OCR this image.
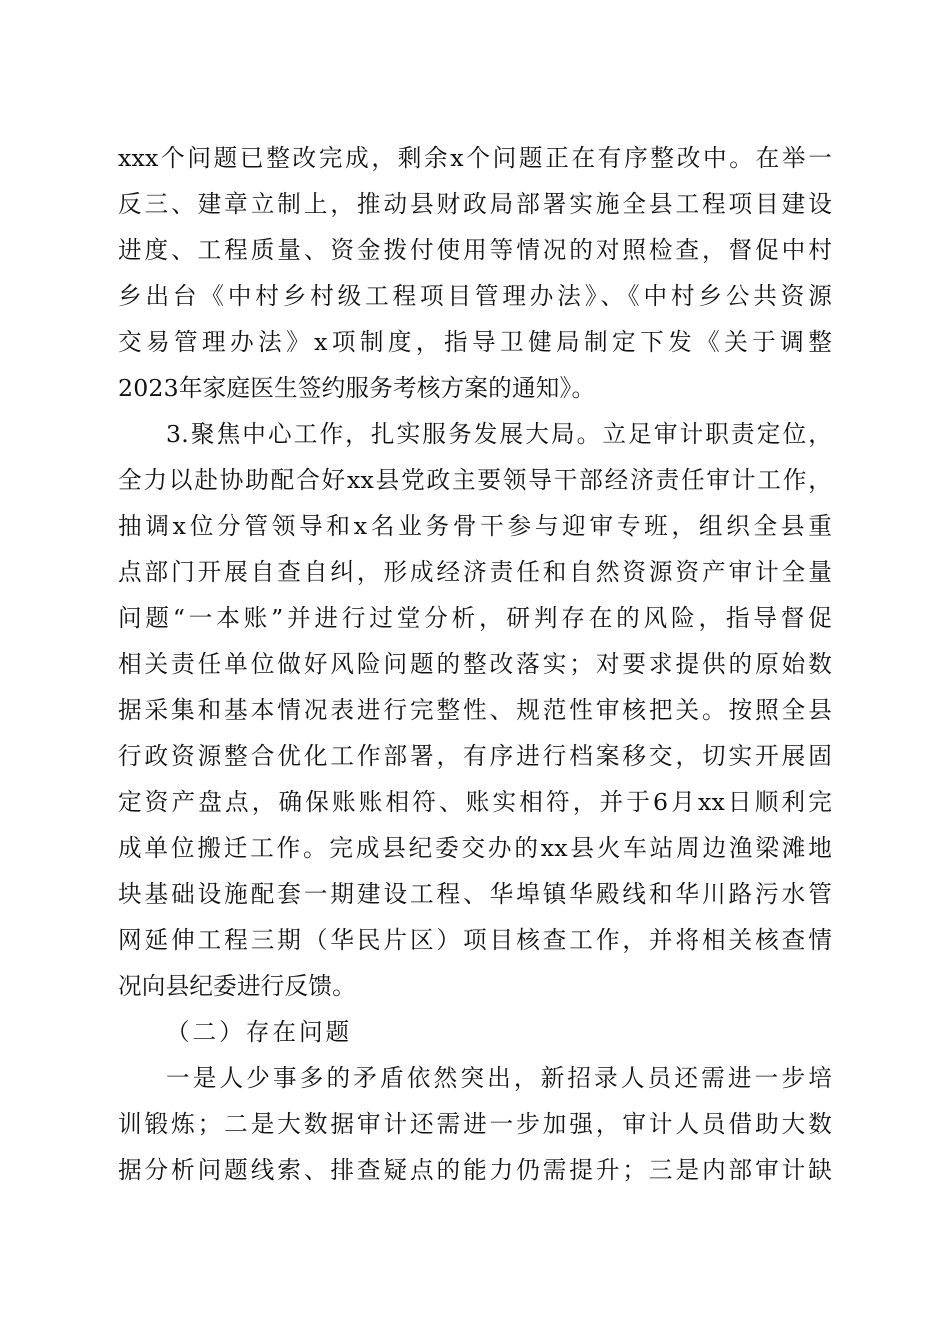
xxx个问题已整改完成，剩余x个问题正在有序整改中。在举一
反三、建章立制上，推动县财政局部署实施全县工程项目建设
进度、工程质量、资金拨付使用等情况的对照检查，督促中村
乡出台《中村乡村级工程项目管理办法》、《中村乡公共资源
交易管理办法》x项制度，指导卫健局制定下发《关于调整
2023年家庭医生签约服务考核方案的通知》。
3.聚焦中心工作，扎实服务发展大局。立足审计职责定位，
全力以赴协助配合好xx县党政主要领导干部经济责任审计工作，
抽调x位分管领导和x名业务骨干参与迎审专班，组织全县重
点部门开展自查自纠，形成经济责任和自然资源资产审计全量
问题“一本账”并进行过堂分析，研判存在的风险，指导督促
相关责任单位做好风险问题的整改落实；对要求提供的原始数
据采集和基本情况表进行完整性、规范性审核把关。按照全县
行政资源整合优化工作部署，有序进行档案移交，切实开展固
定资产盘点，确保账账相符、账实相符，并于6月xx日顺利完
成单位搬迁工作。完成县纪委交办的xx县火车站周边渔梁滩地
块基础设施配套一期建设工程、华埠镇华殿线和华川路污水管
网延伸工程三期（华民片区）项目核查工作，并将相关核查情
况向县纪委进行反馈。
（二）存在问题
一是人少事多的矛盾依然突出，新招录人员还需进一步培
训锻炼；二是大数据审计还需进一步加强，审计人员借助大数
据分析问题线索、排查疑点的能力仍需提升；三是内部审计缺
